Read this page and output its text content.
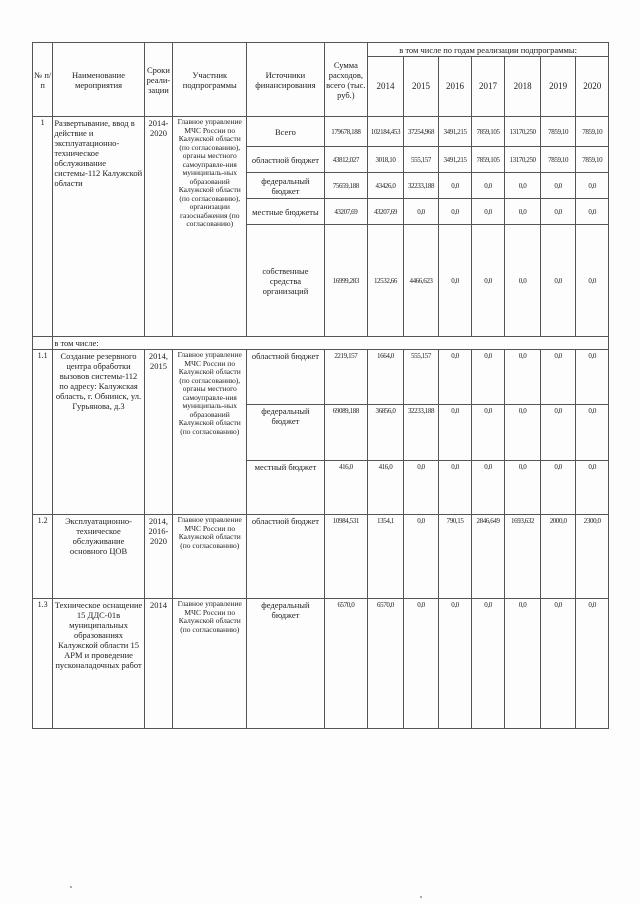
№ п/п	Наименование мероприятия	Сроки реали-зации	Участник подпрограммы	Источники финансирования	Сумма расходов, всего (тыс. руб.)	в том числе по годам реализации подпрограммы:						
						2014	2015	2016	2017	2018	2019	2020
1	Развертывание, ввод в действие и эксплуатационно-техническое обслуживание системы-112 Калужской области	2014-2020	Главное управление МЧС России по Калужской области (по согласованию), органы местного самоуправле-ния муниципаль-ных образований Калужской области (по согласованию), организации газоснабжения (по согласованию)	Всего	179678,188	102184,453	37254,968	3491,215	7859,105	13170,250	7859,10	7859,10
				областной бюджет	43812,027	3018,10	555,157	3491,215	7859,105	13170,250	7859,10	7859,10
				федеральный бюджет	75659,188	43426,0	32233,188	0,0	0,0	0,0	0,0	0,0
				местные бюджеты	43207,69	43207,69	0,0	0,0	0,0	0,0	0,0	0,0
				собственные средства организаций	16999,283	12532,66	4466,623	0,0	0,0	0,0	0,0	0,0
	в том числе:											
1.1	Создание резервного центра обработки вызовов системы-112 по адресу: Калужская область, г. Обнинск, ул. Гурьянова, д.3	2014, 2015	Главное управление МЧС России по Калужской области (по согласованию), органы местного самоуправле-ния муниципаль-ных образований Калужской области (по согласованию)	областной бюджет	2219,157	1664,0	555,157	0,0	0,0	0,0	0,0	0,0
				федеральный бюджет	69089,188	36856,0	32233,188	0,0	0,0	0,0	0,0	0,0
				местный бюджет	416,0	416,0	0,0	0,0	0,0	0,0	0,0	0,0
1.2	Эксплуатационно-техническое обслуживание основного ЦОВ	2014, 2016-2020	Главное управление МЧС России по Калужской области (по согласованию)	областной бюджет	10984,531	1354,1	0,0	790,15	2846,649	1693,632	2000,0	2300,0
1.3	Техническое оснащение 15 ДДС-01в муниципальных образованиях Калужской области 15 АРМ и проведение пусконаладочных работ	2014	Главное управление МЧС России по Калужской области (по согласованию)	федеральный бюджет	6570,0	6570,0	0,0	0,0	0,0	0,0	0,0	0,0
